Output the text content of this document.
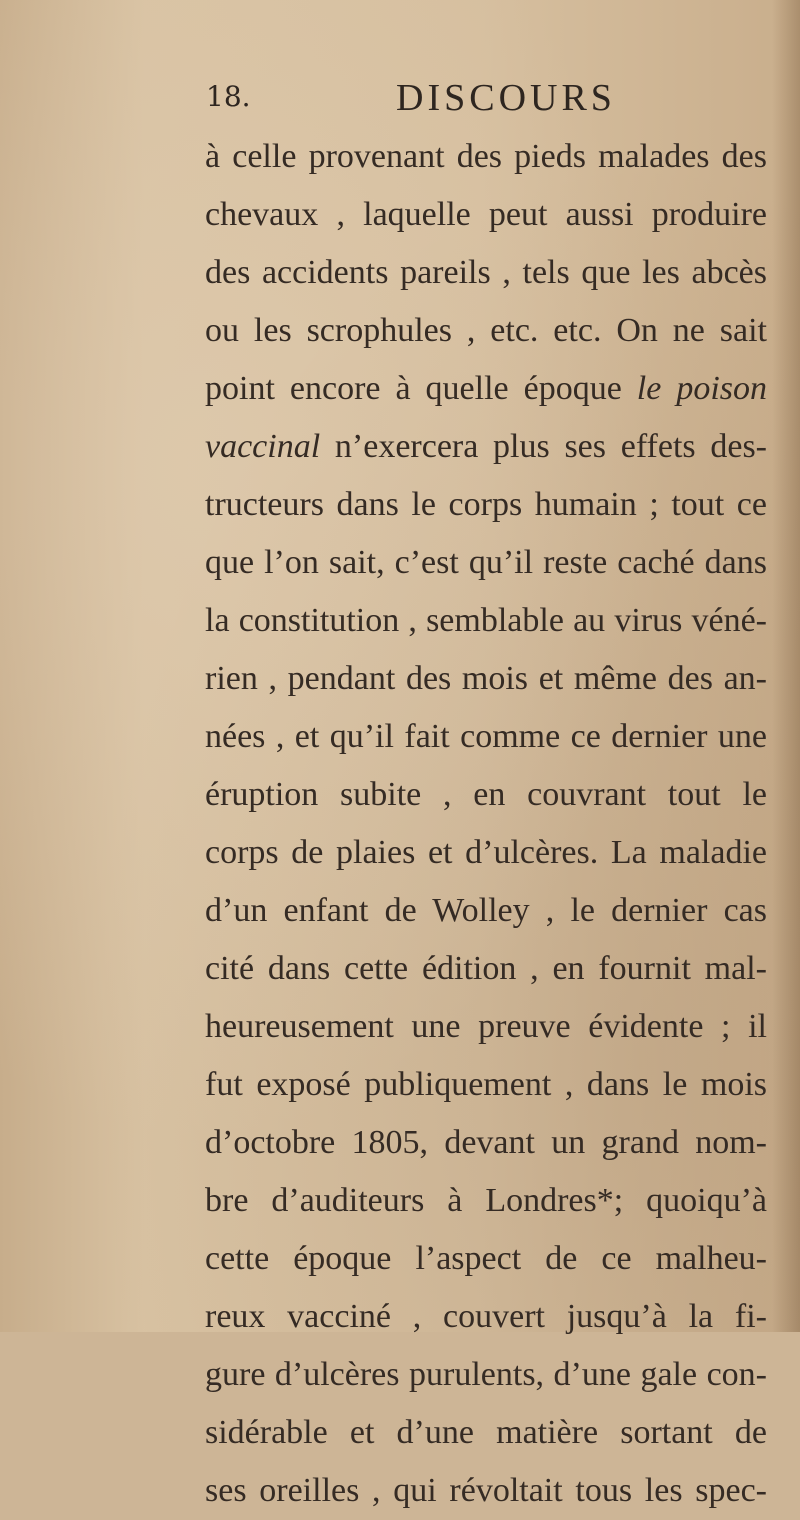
18.	DISCOURS
à celle provenant des pieds malades des
chevaux , laquelle peut aussi produire
des accidents pareils , tels que les abcès
ou les scrophules , etc. etc. On ne sait
point encore à quelle époque le poison
vaccinal n’exercera plus ses effets des-
tructeurs dans le corps humain ; tout ce
que l’on sait, c’est qu’il reste caché dans
la constitution , semblable au virus véné-
rien , pendant des mois et même des an-
nées , et qu’il fait comme ce dernier une
éruption subite , en couvrant tout le
corps de plaies et d’ulcères. La maladie
d’un enfant de Wolley , le dernier cas
cité dans cette édition , en fournit mal-
heureusement une preuve évidente ; il
fut exposé publiquement , dans le mois
d’octobre 1805, devant un grand nom-
bre d’auditeurs à Londres*; quoiqu’à
cette époque l’aspect de ce malheu-
reux vacciné , couvert jusqu’à la fi-
gure d’ulcères purulents, d’une gale con-
sidérable et d’une matière sortant de
ses oreilles , qui révoltait tous les spec-
